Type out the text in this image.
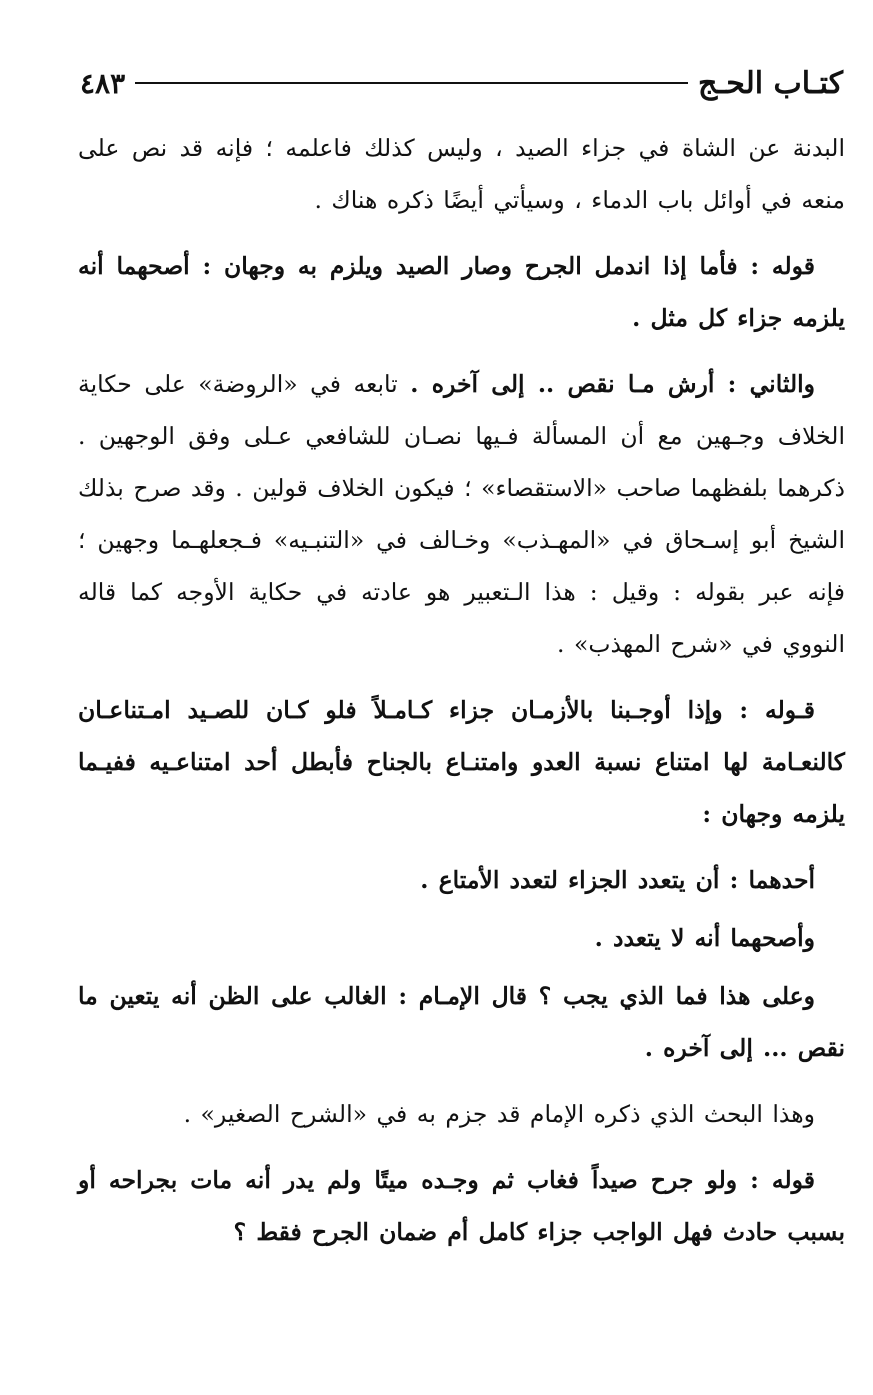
كتـاب الحـج
٤٨٣

البدنة عن الشاة في جزاء الصيد ، وليس كذلك فاعلمه ؛ فإنه قد نص على منعه في أوائل باب الدماء ، وسيأتي أيضًا ذكره هناك .

قوله : فأما إذا اندمل الجرح وصار الصيد ويلزم به وجهان : أصحهما أنه يلزمه جزاء كل مثل .

والثاني : أرش مـا نقص .. إلى آخره . تابعه في «الروضة» على حكاية الخلاف وجـهين مع أن المسألة فـيها نصـان للشافعي عـلى وفق الوجهين . ذكرهما بلفظهما صاحب «الاستقصاء» ؛ فيكون الخلاف قولين . وقد صرح بذلك الشيخ أبو إسـحاق في «المهـذب» وخـالف في «التنبـيه» فـجعلهـما وجهين ؛ فإنه عبر بقوله : وقيل : هذا الـتعبير هو عادته في حكاية الأوجه كما قاله النووي في «شرح المهذب» .

قـوله : وإذا أوجـبنا بالأزمـان جزاء كـامـلاً فلو كـان للصـيد امـتناعـان كالنعـامة لها امتناع نسبة العدو وامتنـاع بالجناح فأبطل أحد امتناعـيه ففيـما يلزمه وجهان :

أحدهما : أن يتعدد الجزاء لتعدد الأمتاع .

وأصحهما أنه لا يتعدد .

وعلى هذا فما الذي يجب ؟ قال الإمـام : الغالب على الظن أنه يتعين ما نقص ... إلى آخره .

وهذا البحث الذي ذكره الإمام قد جزم به في «الشرح الصغير» .

قوله : ولو جرح صيداً فغاب ثم وجـده ميتًا ولم يدر أنه مات بجراحه أو بسبب حادث فهل الواجب جزاء كامل أم ضمان الجرح فقط ؟
